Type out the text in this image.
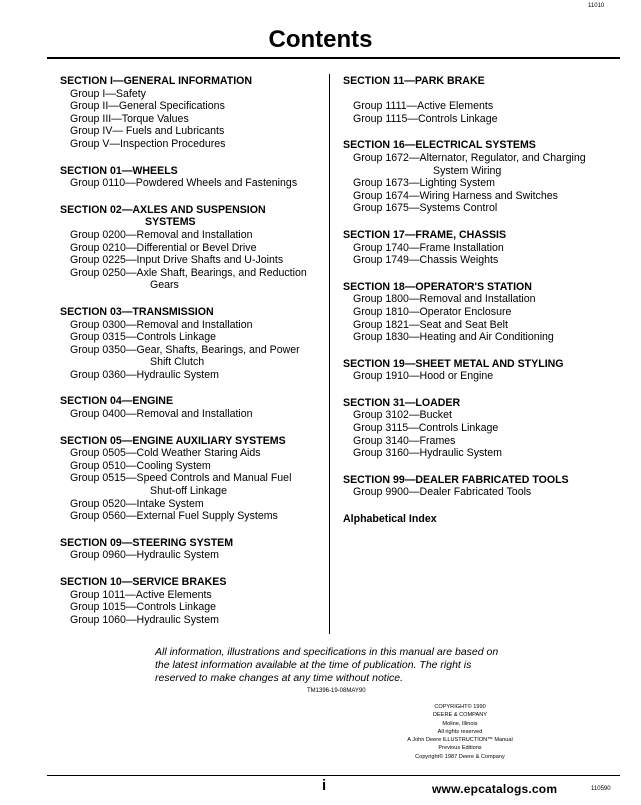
11010
Contents
SECTION I—GENERAL INFORMATION
Group I—Safety
Group II—General Specifications
Group III—Torque Values
Group IV— Fuels and Lubricants
Group V—Inspection Procedures
SECTION 01—WHEELS
Group 0110—Powdered Wheels and Fastenings
SECTION 02—AXLES AND SUSPENSION
SYSTEMS
Group 0200—Removal and Installation
Group 0210—Differential or Bevel Drive
Group 0225—Input Drive Shafts and U-Joints
Group 0250—Axle Shaft, Bearings, and Reduction
Gears
SECTION 03—TRANSMISSION
Group 0300—Removal and Installation
Group 0315—Controls Linkage
Group 0350—Gear, Shafts, Bearings, and Power
Shift Clutch
Group 0360—Hydraulic System
SECTION 04—ENGINE
Group 0400—Removal and Installation
SECTION 05—ENGINE AUXILIARY SYSTEMS
Group 0505—Cold Weather Staring Aids
Group 0510—Cooling System
Group 0515—Speed Controls and Manual Fuel
Shut-off Linkage
Group 0520—Intake System
Group 0560—External Fuel Supply Systems
SECTION 09—STEERING SYSTEM
Group 0960—Hydraulic System
SECTION 10—SERVICE BRAKES
Group 1011—Active Elements
Group 1015—Controls Linkage
Group 1060—Hydraulic System
SECTION 11—PARK BRAKE

Group 1111—Active Elements
Group 1115—Controls Linkage
SECTION 16—ELECTRICAL SYSTEMS
Group 1672—Alternator, Regulator, and Charging
System Wiring
Group 1673—Lighting System
Group 1674—Wiring Harness and Switches
Group 1675—Systems Control
SECTION 17—FRAME, CHASSIS
Group 1740—Frame Installation
Group 1749—Chassis Weights
SECTION 18—OPERATOR'S STATION
Group 1800—Removal and Installation
Group 1810—Operator Enclosure
Group 1821—Seat and Seat Belt
Group 1830—Heating and Air Conditioning
SECTION 19—SHEET METAL AND STYLING
Group 1910—Hood or Engine
SECTION 31—LOADER
Group 3102—Bucket
Group 3115—Controls Linkage
Group 3140—Frames
Group 3160—Hydraulic System
SECTION 99—DEALER FABRICATED TOOLS
Group 9900—Dealer Fabricated Tools
Alphabetical Index
All information, illustrations and specifications in this manual are based on the latest information available at the time of publication. The right is reserved to make changes at any time without notice.
TM1396-19-08MAY90
COPYRIGHT© 1990
DEERE & COMPANY
Moline, Illinois
All rights reserved
A John Deere ILLUSTRUCTION™ Manual
Previous Editions
Copyright© 1987 Deere & Company
i	www.epcatalogs.com	110590
